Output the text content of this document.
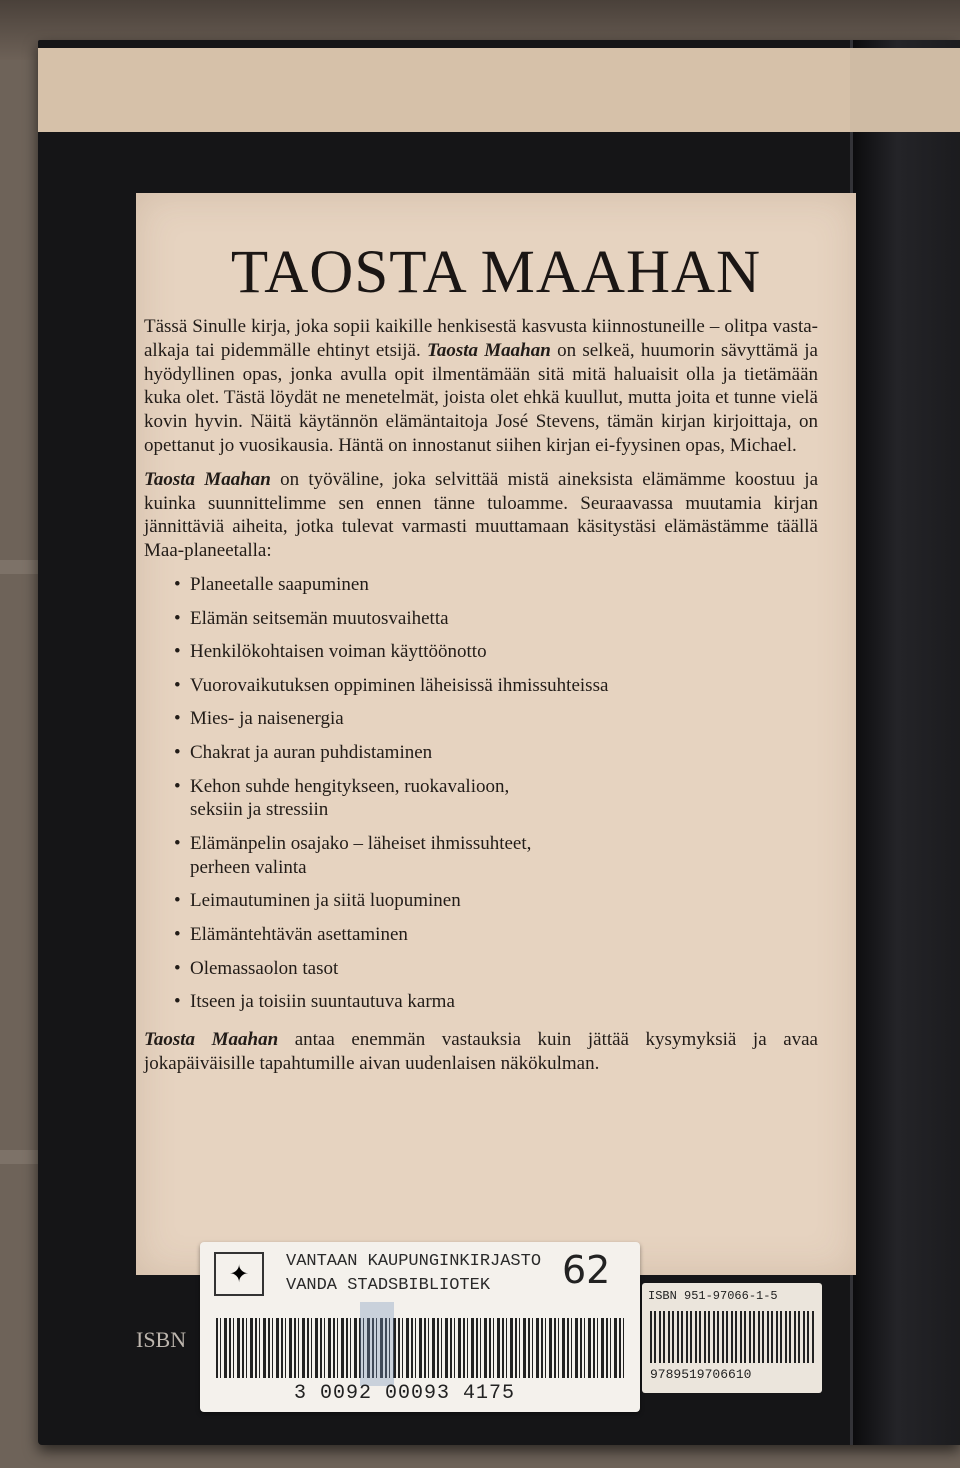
TAOSTA MAAHAN

Tässä Sinulle kirja, joka sopii kaikille henkisestä kasvusta kiinnostuneille – olitpa vasta-alkaja tai pidemmälle ehtinyt etsijä. Taosta Maahan on selkeä, huumorin sävyttämä ja hyödyllinen opas, jonka avulla opit ilmentämään sitä mitä haluaisit olla ja tietämään kuka olet. Tästä löydät ne menetelmät, joista olet ehkä kuullut, mutta joita et tunne vielä kovin hyvin. Näitä käytännön elämäntaitoja José Stevens, tämän kirjan kirjoittaja, on opettanut jo vuosikausia. Häntä on innostanut siihen kirjan ei-fyysinen opas, Michael.

Taosta Maahan on työväline, joka selvittää mistä aineksista elämämme koostuu ja kuinka suunnittelimme sen ennen tänne tuloamme. Seuraavassa muutamia kirjan jännittäviä aiheita, jotka tulevat varmasti muuttamaan käsitystäsi elämästämme täällä Maa-planeetalla:

• Planeetalle saapuminen
• Elämän seitsemän muutosvaihetta
• Henkilökohtaisen voiman käyttöönotto
• Vuorovaikutuksen oppiminen läheisissä ihmissuhteissa
• Mies- ja naisenergia
• Chakrat ja auran puhdistaminen
• Kehon suhde hengitykseen, ruokavalioon, seksiin ja stressiin
• Elämänpelin osajako – läheiset ihmissuhteet, perheen valinta
• Leimautuminen ja siitä luopuminen
• Elämäntehtävän asettaminen
• Olemassaolon tasot
• Itseen ja toisiin suuntautuva karma

Taosta Maahan antaa enemmän vastauksia kuin jättää kysymyksiä ja avaa jokapäiväisille tapahtumille aivan uudenlaisen näkökulman.

ISBN
✦	VANTAAN KAUPUNGINKIRJASTO
VANDA STADSBIBLIOTEK 62
3 0092 00093 4175
ISBN 951-97066-1-5
9789519706610
